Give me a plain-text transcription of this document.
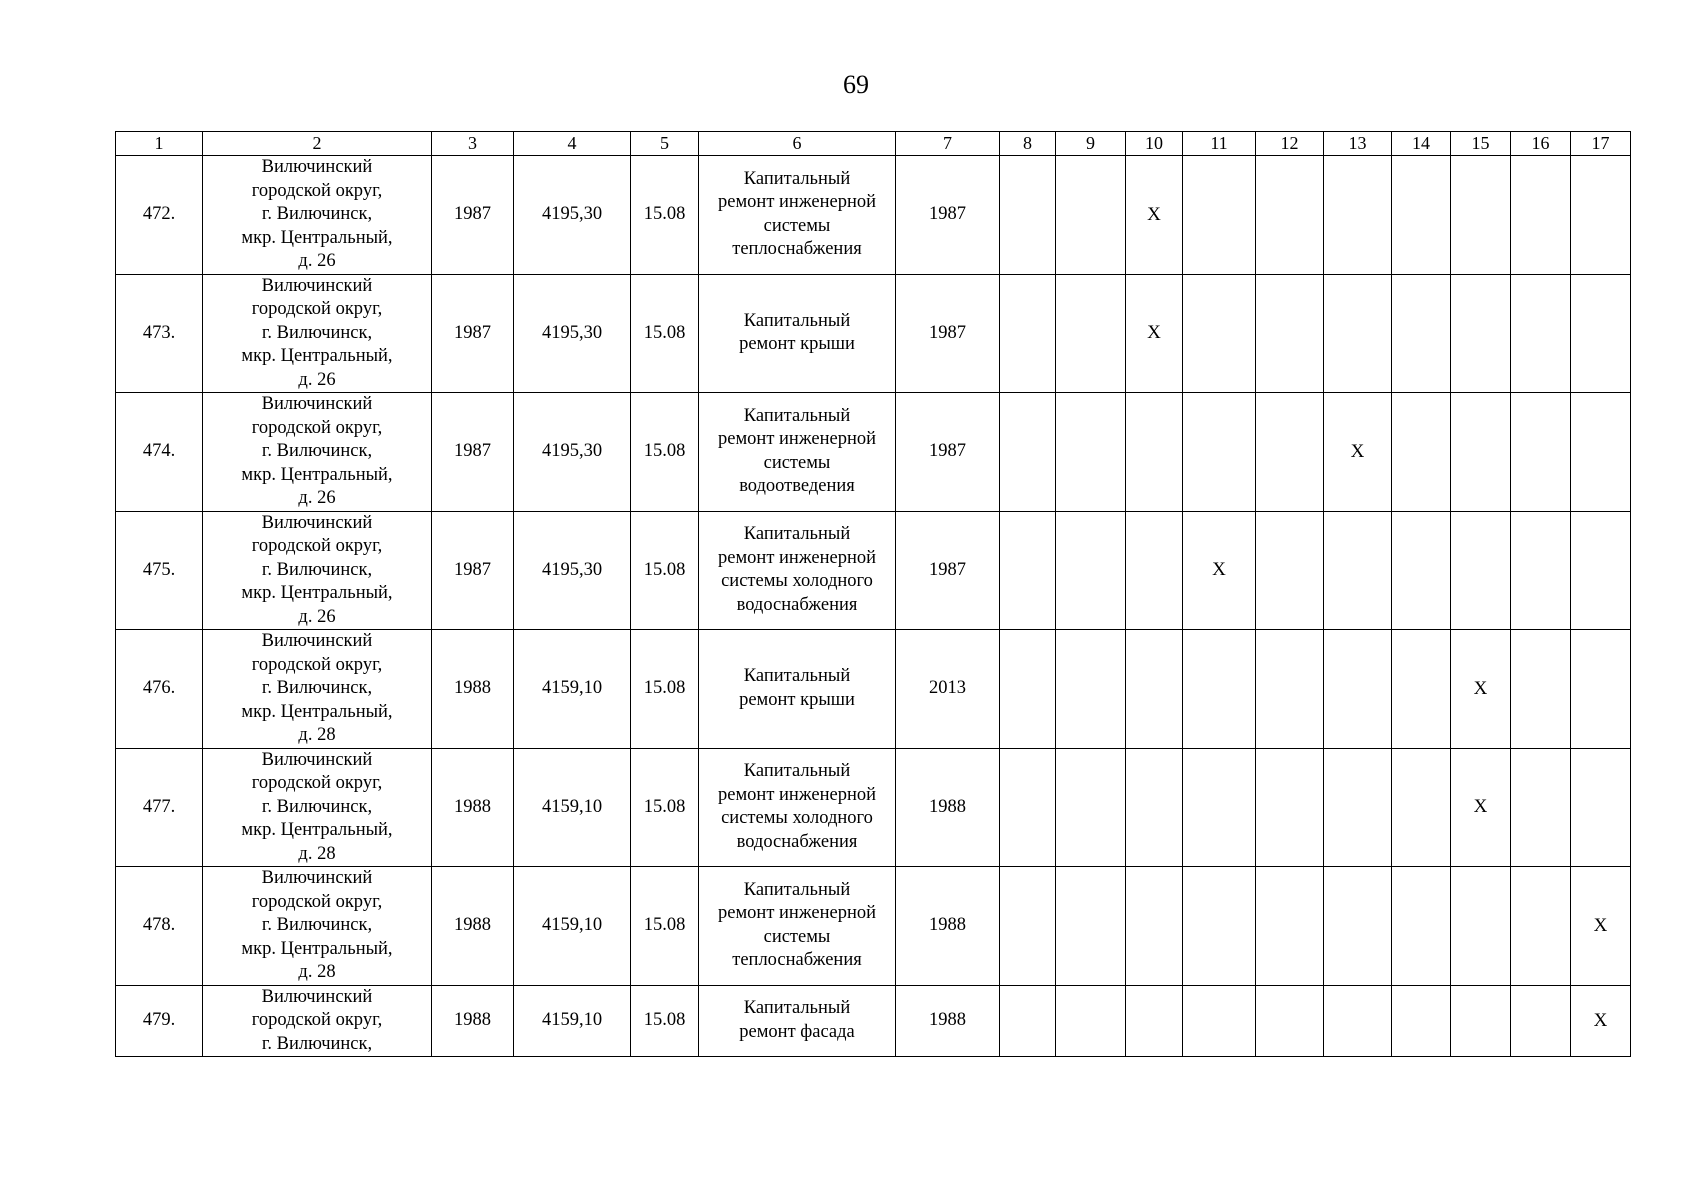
69
1	2	3	4	5	6	7	8	9	10	11	12	13	14	15	16	17
472.	Вилючинский
городской округ,
г. Вилючинск,
мкр. Центральный,
д. 26	1987	4195,30	15.08	Капитальный
ремонт инженерной
системы
теплоснабжения	1987			X							
473.	Вилючинский
городской округ,
г. Вилючинск,
мкр. Центральный,
д. 26	1987	4195,30	15.08	Капитальный
ремонт крыши	1987			X							
474.	Вилючинский
городской округ,
г. Вилючинск,
мкр. Центральный,
д. 26	1987	4195,30	15.08	Капитальный
ремонт инженерной
системы
водоотведения	1987						X				
475.	Вилючинский
городской округ,
г. Вилючинск,
мкр. Центральный,
д. 26	1987	4195,30	15.08	Капитальный
ремонт инженерной
системы холодного
водоснабжения	1987				X						
476.	Вилючинский
городской округ,
г. Вилючинск,
мкр. Центральный,
д. 28	1988	4159,10	15.08	Капитальный
ремонт крыши	2013								X		
477.	Вилючинский
городской округ,
г. Вилючинск,
мкр. Центральный,
д. 28	1988	4159,10	15.08	Капитальный
ремонт инженерной
системы холодного
водоснабжения	1988								X		
478.	Вилючинский
городской округ,
г. Вилючинск,
мкр. Центральный,
д. 28	1988	4159,10	15.08	Капитальный
ремонт инженерной
системы
теплоснабжения	1988										X
479.	Вилючинский
городской округ,
г. Вилючинск,	1988	4159,10	15.08	Капитальный
ремонт фасада	1988										X
